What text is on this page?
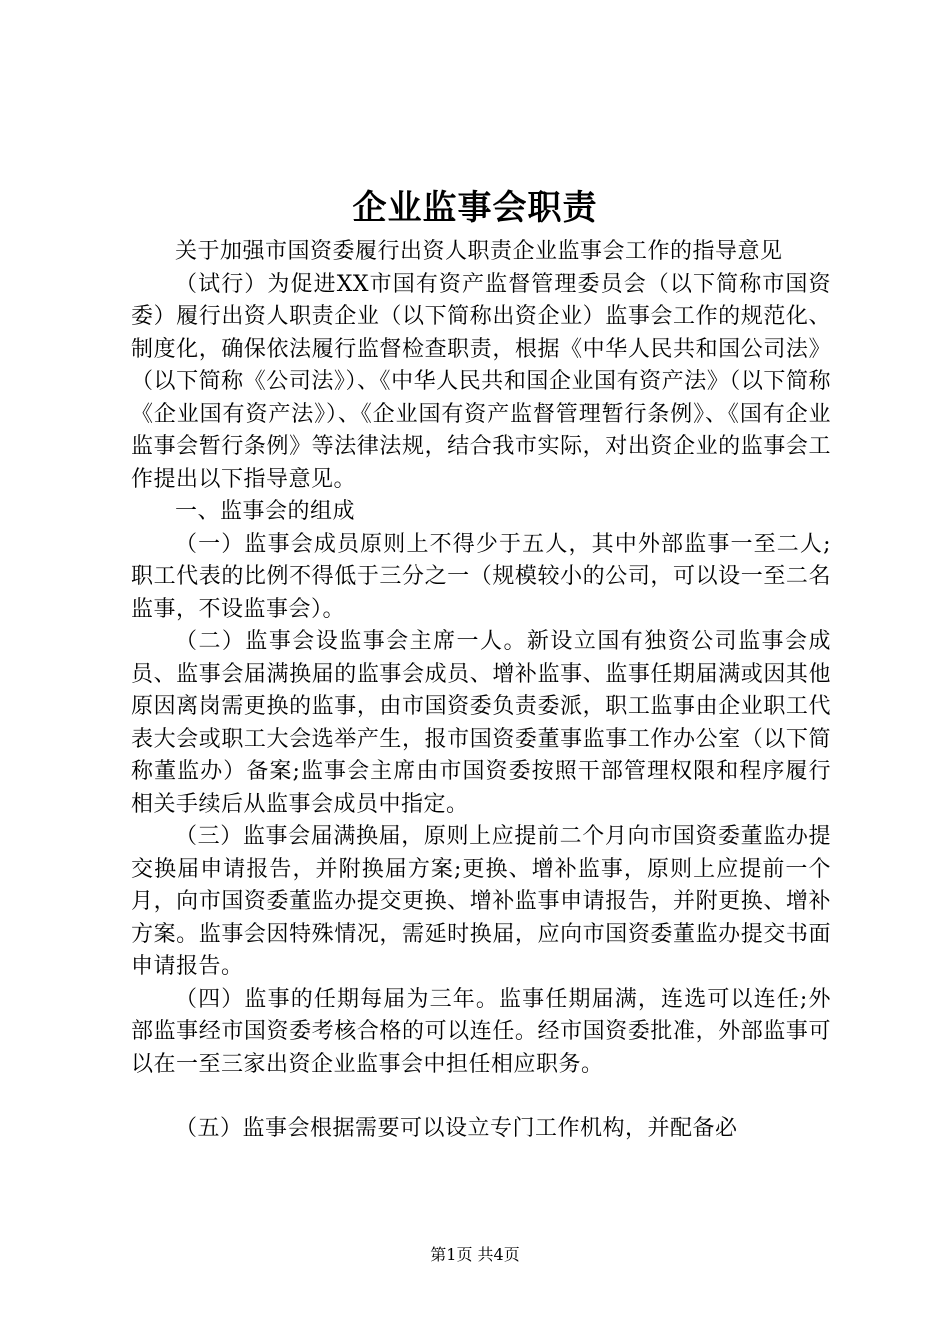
企业监事会职责

关于加强市国资委履行出资人职责企业监事会工作的指导意见

（试行）为促进XX市国有资产监督管理委员会（以下简称市国资委）履行出资人职责企业（以下简称出资企业）监事会工作的规范化、制度化，确保依法履行监督检查职责，根据《中华人民共和国公司法》（以下简称《公司法》）、《中华人民共和国企业国有资产法》（以下简称《企业国有资产法》）、《企业国有资产监督管理暂行条例》、《国有企业监事会暂行条例》等法律法规，结合我市实际，对出资企业的监事会工作提出以下指导意见。

一、监事会的组成

（一）监事会成员原则上不得少于五人，其中外部监事一至二人;职工代表的比例不得低于三分之一（规模较小的公司，可以设一至二名监事，不设监事会）。

（二）监事会设监事会主席一人。新设立国有独资公司监事会成员、监事会届满换届的监事会成员、增补监事、监事任期届满或因其他原因离岗需更换的监事，由市国资委负责委派，职工监事由企业职工代表大会或职工大会选举产生，报市国资委董事监事工作办公室（以下简称董监办）备案;监事会主席由市国资委按照干部管理权限和程序履行相关手续后从监事会成员中指定。

（三）监事会届满换届，原则上应提前二个月向市国资委董监办提交换届申请报告，并附换届方案;更换、增补监事，原则上应提前一个月，向市国资委董监办提交更换、增补监事申请报告，并附更换、增补方案。监事会因特殊情况，需延时换届，应向市国资委董监办提交书面申请报告。

（四）监事的任期每届为三年。监事任期届满，连选可以连任;外部监事经市国资委考核合格的可以连任。经市国资委批准，外部监事可以在一至三家出资企业监事会中担任相应职务。

（五）监事会根据需要可以设立专门工作机构，并配备必

第1页 共4页
